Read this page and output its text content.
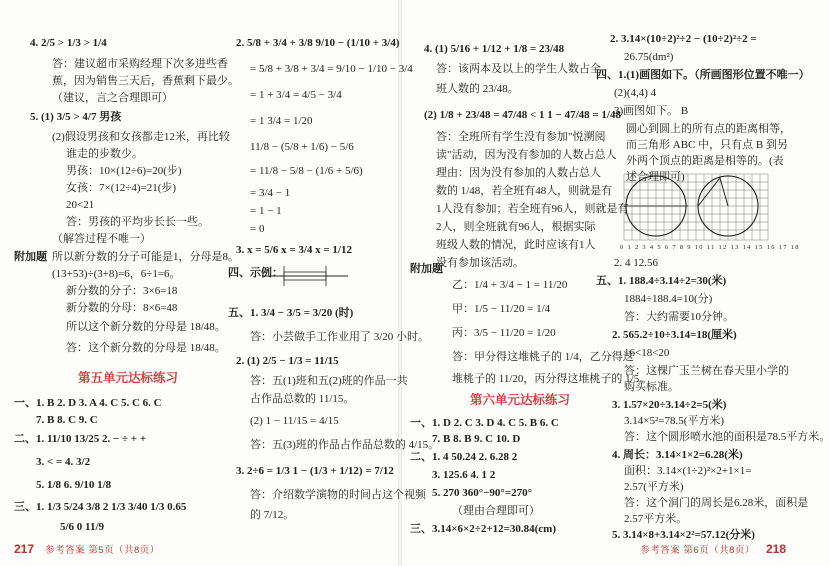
4. 2/5 > 1/3 > 1/4
答：建议超市采购经理下次多进些香
蕉，因为销售三天后，香蕉剩下最少。
（建议，言之合理即可）
5. (1) 3/5 > 4/7 男孩
(2)假设男孩和女孩都走12米，再比较
谁走的步数少。
男孩：10×(12÷6)=20(步)
女孩：7×(12÷4)=21(步)
20<21
答：男孩的平均步长长一些。
（解答过程不唯一）
附加题 所以新分数的分子可能是1，分母是8。
(13+53)÷(3+8)=6，6÷1=6。
新分数的分子：3×6=18
新分数的分母：8×6=48
所以这个新分数的分母是 18/48。
答：这个新分数的分母是 18/48。
第五单元达标练习
一、1. B 2. D 3. A 4. C 5. C 6. C
7. B 8. C 9. C
二、1. 11/10 13/25 2. − ÷ + +
3. < = 4. 3/2
5. 1/8 6. 9/10 1/8
三、1. 1/3 5/24 3/8 2 1/3 3/40 1/3 0.65
5/6 0 11/9
2. 5/8 + 3/4 + 3/8 9/10 − (1/10 + 3/4)
= 5/8 + 3/8 + 3/4 = 9/10 − 1/10 − 3/4
= 1 + 3/4 = 4/5 − 3/4
= 1 3/4 = 1/20
11/8 − (5/8 + 1/6) − 5/6
= 11/8 − 5/8 − (1/6 + 5/6)
= 3/4 − 1
= 1 − 1
= 0
3. x = 5/6 x = 3/4 x = 1/12
四、示例：
五、1. 3/4 − 3/5 = 3/20 (时)
答：小芸做手工作业用了 3/20 小时。
2. (1) 2/5 − 1/3 = 11/15
答：五(1)班和五(2)班的作品一共
占作品总数的 11/15。
(2) 1 − 11/15 = 4/15
答：五(3)班的作品占作品总数的 4/15。
3. 2÷6 = 1/3 1 − (1/3 + 1/12) = 7/12
答：介绍数学演物的时间占这个视频
的 7/12。
4. (1) 5/16 + 1/12 + 1/8 = 23/48
答：该两本及以上的学生人数占全
班人数的 23/48。
(2) 1/8 + 23/48 = 47/48 < 1 1 − 47/48 = 1/48
答：全班所有学生没有参加"悦溯阅
读"活动，因为没有参加的人数占总人
理由：因为没有参加的人数占总人
数的 1/48，若全班有48人，则就是有
1人没有参加；若全班有96人，则就是有
2人，则全班就有96人，根据实际
班级人数的情况，此时应该有1人
没有参加该活动。
附加题
乙：1/4 + 3/4 − 1 = 11/20
甲：1/5 − 11/20 = 1/4
丙：3/5 − 11/20 = 1/20
答：甲分得这堆桃子的 1/4，乙分得这
堆桃子的 11/20，丙分得这堆桃子的 1/5。
第六单元达标练习
一、1. D 2. C 3. D 4. C 5. B 6. C
7. B 8. B 9. C 10. D
二、1. 4 50.24 2. 6.28 2
3. 125.6 4. 1 2
5. 270 360°−90°=270°
（理由合理即可）
三、3.14×6×2÷2+12=30.84(cm)
2. 3.14×(10÷2)²÷2 − (10÷2)²÷2 =
26.75(dm²)
四、1.(1)画图如下。（所画图形位置不唯一）
(2)(4,4) 4
3)画图如下。 B
圆心到圆上的所有点的距离相等，
而三角形 ABC 中，只有点 B 到另
外两个顶点的距离是相等的。(表
述合理即可)
0 1 2 3 4 5 6 7 8 9 10 11 12 13 14 15 16 17 18
2. 4 12.56
五、1. 188.4÷3.14÷2=30(米)
1884÷188.4=10(分)
答：大约需要10分钟。
2. 565.2÷10÷3.14=18(厘米)
16<18<20
答：这棵广玉兰树在春天里小学的
购买标准。
3. 1.57×20÷3.14÷2=5(米)
3.14×5²=78.5(平方米)
答：这个圆形喷水池的面积是78.5平方米。
4. 周长：3.14×1×2=6.28(米)
面积：3.14×(1÷2)²×2+1×1=
2.57(平方米)
答：这个洞门的周长是6.28米，面积是
2.57平方米。
5. 3.14×8+3.14×2²=57.12(分米)
217 参考答案 第5页（共8页）	参考答案 第6页（共8页） 218
